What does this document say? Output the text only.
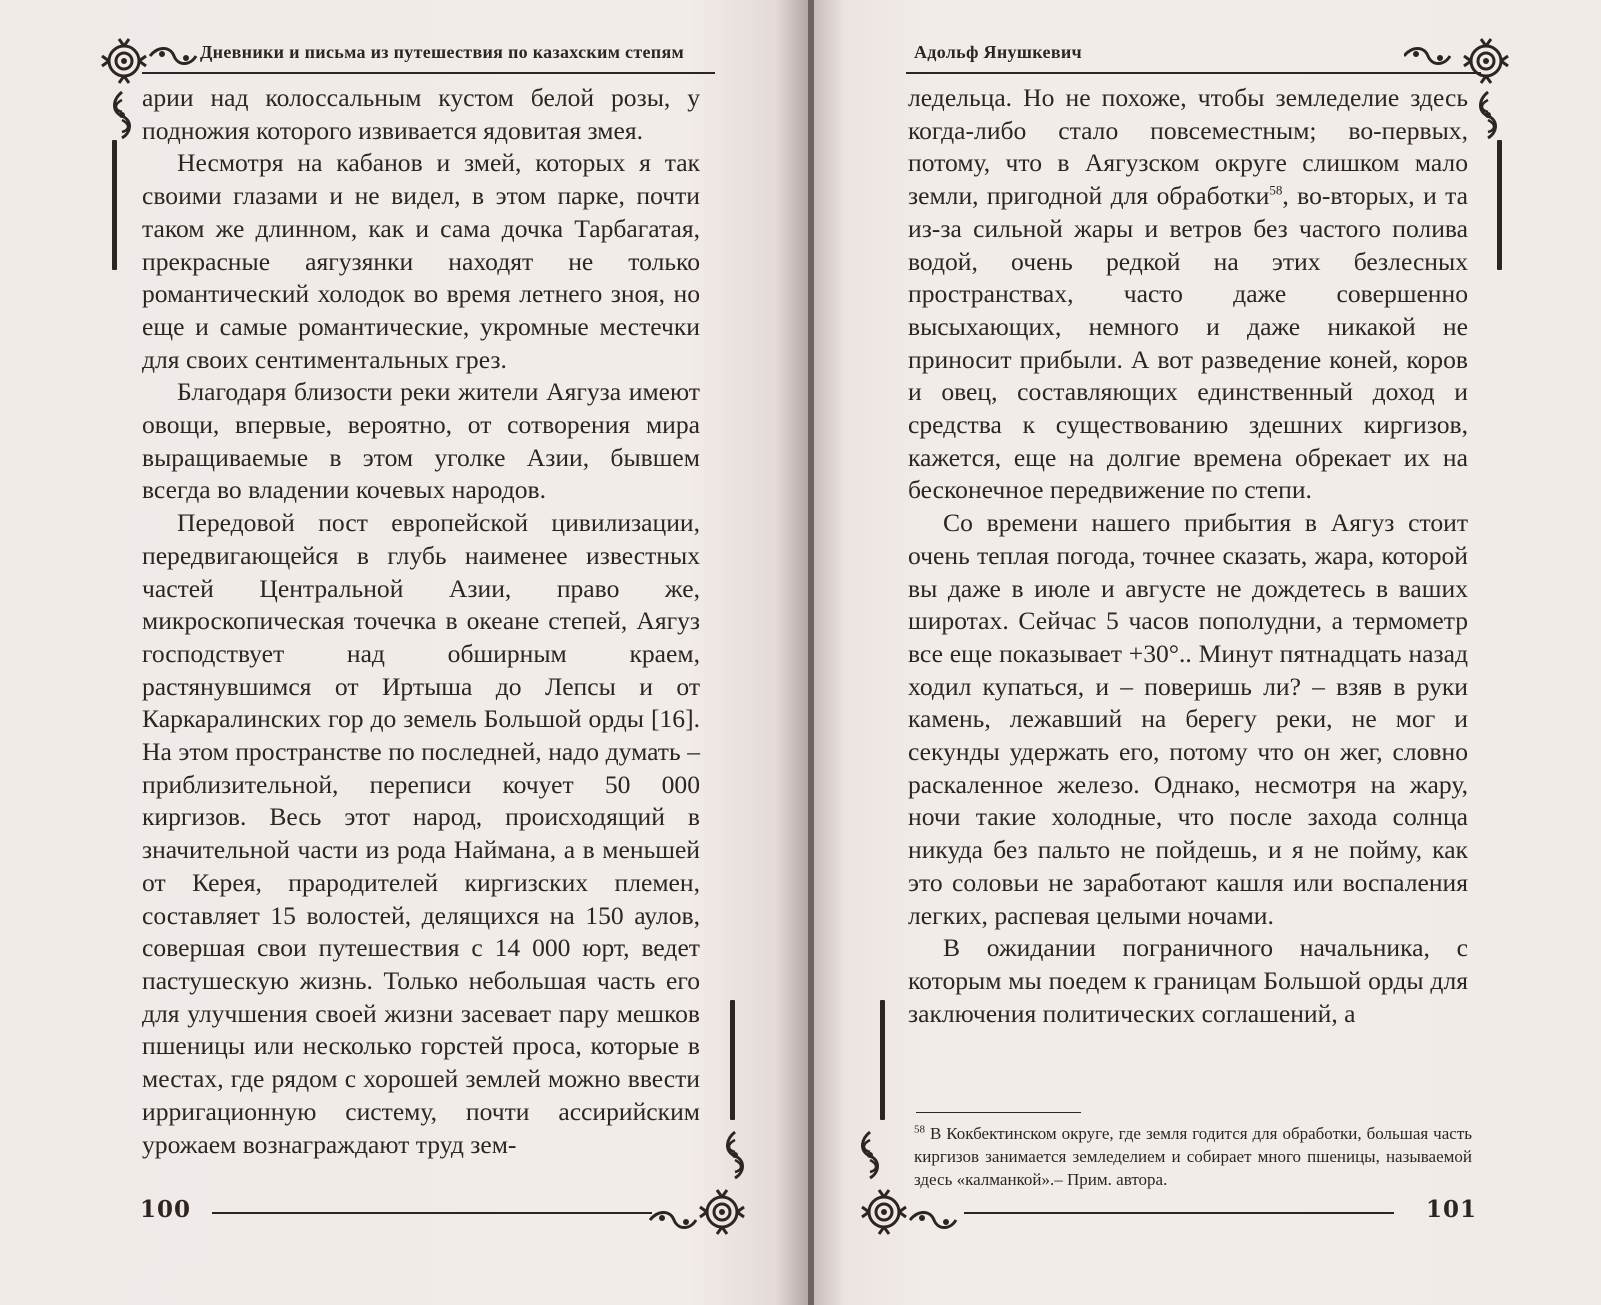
Дневники и письма из путешествия по казахским степям

арии над колоссальным кустом белой розы, у подножия которого извивается ядовитая змея.

Несмотря на кабанов и змей, которых я так своими глазами и не видел, в этом парке, почти таком же длинном, как и сама дочка Тарбагатая, прекрасные аягузянки находят не только романтический холодок во время летнего зноя, но еще и самые романтические, укромные местечки для своих сентиментальных грез.

Благодаря близости реки жители Аягуза имеют овощи, впервые, вероятно, от сотворения мира выращиваемые в этом уголке Азии, бывшем всегда во владении кочевых народов.

Передовой пост европейской цивилизации, передвигающейся в глубь наименее известных частей Центральной Азии, право же, микроскопическая точечка в океане степей, Аягуз господствует над обширным краем, растянувшимся от Иртыша до Лепсы и от Каркаралинских гор до земель Большой орды [16]. На этом пространстве по последней, надо думать – приблизительной, переписи кочует 50 000 киргизов. Весь этот народ, происходящий в значительной части из рода Наймана, а в меньшей от Керея, прародителей киргизских племен, составляет 15 волостей, делящихся на 150 аулов, совершая свои путешествия с 14 000 юрт, ведет пастушескую жизнь. Только небольшая часть его для улучшения своей жизни засевает пару мешков пшеницы или несколько горстей проса, которые в местах, где рядом с хорошей землей можно ввести ирригационную систему, почти ассирийским урожаем вознаграждают труд зем-

100
Адольф Янушкевич

ледельца. Но не похоже, чтобы земледелие здесь когда-либо стало повсеместным; во-первых, потому, что в Аягузском округе слишком мало земли, пригодной для обработки$^{58}$, во-вторых, и та из-за сильной жары и ветров без частого полива водой, очень редкой на этих безлесных пространствах, часто даже совершенно высыхающих, немного и даже никакой не приносит прибыли. А вот разведение коней, коров и овец, составляющих единственный доход и средства к существованию здешних киргизов, кажется, еще на долгие времена обрекает их на бесконечное передвижение по степи.

Со времени нашего прибытия в Аягуз стоит очень теплая погода, точнее сказать, жара, которой вы даже в июле и августе не дождетесь в ваших широтах. Сейчас 5 часов пополудни, а термометр все еще показывает +30°.. Минут пятнадцать назад ходил купаться, и – поверишь ли? – взяв в руки камень, лежавший на берегу реки, не мог и секунды удержать его, потому что он жег, словно раскаленное железо. Однако, несмотря на жару, ночи такие холодные, что после захода солнца никуда без пальто не пойдешь, и я не пойму, как это соловьи не заработают кашля или воспаления легких, распевая целыми ночами.

В ожидании пограничного начальника, с которым мы поедем к границам Большой орды для заключения политических соглашений, а

$^{58}$ В Кокбектинском округе, где земля годится для обработки, большая часть киргизов занимается земледелием и собирает много пшеницы, называемой здесь «калманкой».– Прим. автора.
101
